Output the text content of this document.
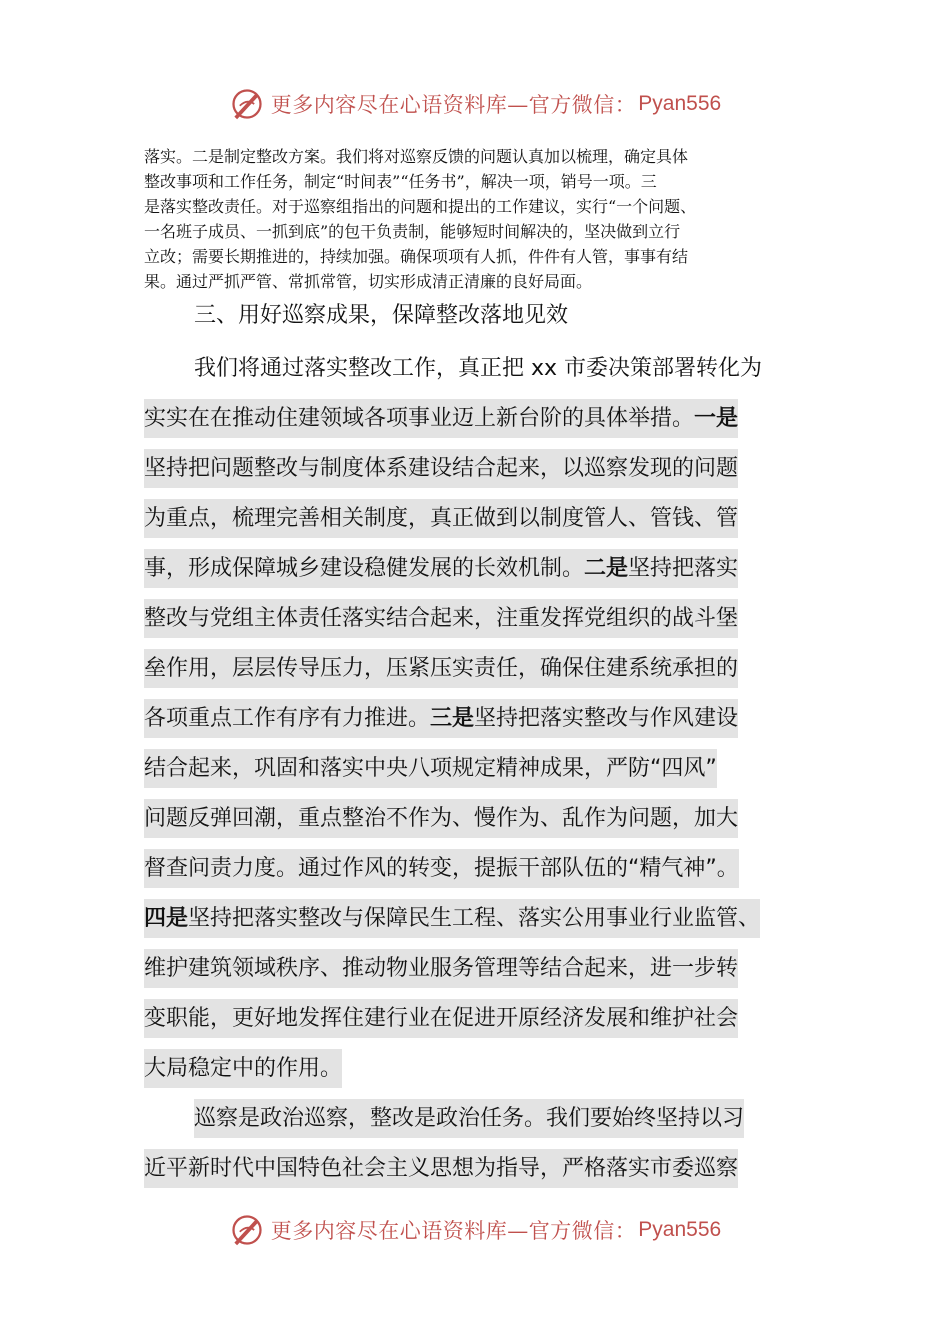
更多内容尽在心语资料库—官方微信： Pyan556
落实。二是制定整改方案。我们将对巡察反馈的问题认真加以梳理，确定具体
整改事项和工作任务，制定“时间表”“任务书”，解决一项，销号一项。三
是落实整改责任。对于巡察组指出的问题和提出的工作建议，实行“一个问题、
一名班子成员、一抓到底”的包干负责制，能够短时间解决的，坚决做到立行
立改；需要长期推进的，持续加强。确保项项有人抓，件件有人管，事事有结
果。通过严抓严管、常抓常管，切实形成清正清廉的良好局面。
三、用好巡察成果，保障整改落地见效
我们将通过落实整改工作，真正把 xx 市委决策部署转化为
实实在在推动住建领域各项事业迈上新台阶的具体举措。一是
坚持把问题整改与制度体系建设结合起来，以巡察发现的问题
为重点，梳理完善相关制度，真正做到以制度管人、管钱、管
事，形成保障城乡建设稳健发展的长效机制。二是坚持把落实
整改与党组主体责任落实结合起来，注重发挥党组织的战斗堡
垒作用，层层传导压力，压紧压实责任，确保住建系统承担的
各项重点工作有序有力推进。三是坚持把落实整改与作风建设
结合起来，巩固和落实中央八项规定精神成果，严防“四风”
问题反弹回潮，重点整治不作为、慢作为、乱作为问题，加大
督查问责力度。通过作风的转变，提振干部队伍的“精气神”。
四是坚持把落实整改与保障民生工程、落实公用事业行业监管、
维护建筑领域秩序、推动物业服务管理等结合起来，进一步转
变职能，更好地发挥住建行业在促进开原经济发展和维护社会
大局稳定中的作用。
巡察是政治巡察，整改是政治任务。我们要始终坚持以习
近平新时代中国特色社会主义思想为指导，严格落实市委巡察
更多内容尽在心语资料库—官方微信： Pyan556
